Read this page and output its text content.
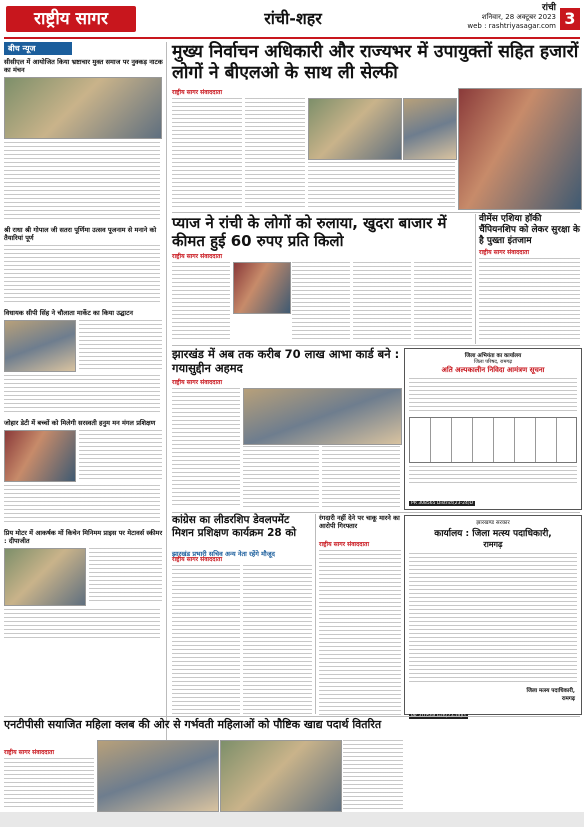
राष्ट्रीय सागर	रांची-शहर
रांची
शनिवार, 28 अक्टूबर 2023
web : rashtriyasagar.com 3
बीच न्यूज
सीसीएल में आयोजित किया भ्रष्टाचार मुक्त समाज पर नुक्कड़ नाटक का मंचन
श्री राधा श्री गोपाल जी सतरा पूर्णिमा उत्सव पूजनाम से मनाने को तैयारियां पूर्ण
विधायक सीपी सिंह ने चौलाता मार्केट का किया उद्घाटन
जोहार डेटी में बच्चों को मिलेगी सरस्वती हनुम मन मंगल प्रशिक्षण
प्रिय मोटर में आकर्षक मों किचेन मिनिमम प्राइस पर मेटावर्स स्कीमर : दीपाजीत
मुख्य निर्वाचन अधिकारी और राज्यभर में उपायुक्तों सहित हजारों लोगों ने बीएलओ के साथ ली सेल्फी
राष्ट्रीय सागर संवाददाता
प्याज ने रांची के लोगों को रुलाया, खुदरा बाजार में कीमत हुई 60 रुपए प्रति किलो
राष्ट्रीय सागर संवाददाता
वीमेंस एशिया हॉकी चैंपियनशिप को लेकर सुरक्षा के है पुख्ता इंतजाम
राष्ट्रीय सागर संवाददाता
झारखंड में अब तक करीब 70 लाख आभा कार्ड बने : गयासुद्दीन अहमद
राष्ट्रीय सागर संवाददाता
जिला अभियंता का कार्यालय
जिला परिषद, रामगढ़
अति अल्पकालीन निविदा आमंत्रण सूचना
PR 308565 District(23-24)D
कांग्रेस का लीडरशिप डेवलपमेंट मिशन प्रशिक्षण कार्यक्रम 28 को
राष्ट्रीय सागर संवाददाता
रंगदारी नहीं देने पर चाकू मारने का आरोपी गिरफ्तार
राष्ट्रीय सागर संवाददाता
झारखंड प्रभारी सचिव अन्य नेता रहेंगे मौजूद
झारखण्ड सरकार
कार्यालय : जिला मत्स्य पदाधिकारी,
रामगढ़
जिला मत्स्य पदाधिकारी,
रामगढ़
एनटीपीसी सयाजित महिला क्लब की ओर से गर्भवती महिलाओं को पौष्टिक खाद्य पदार्थ वितरित
राष्ट्रीय सागर संवाददाता
